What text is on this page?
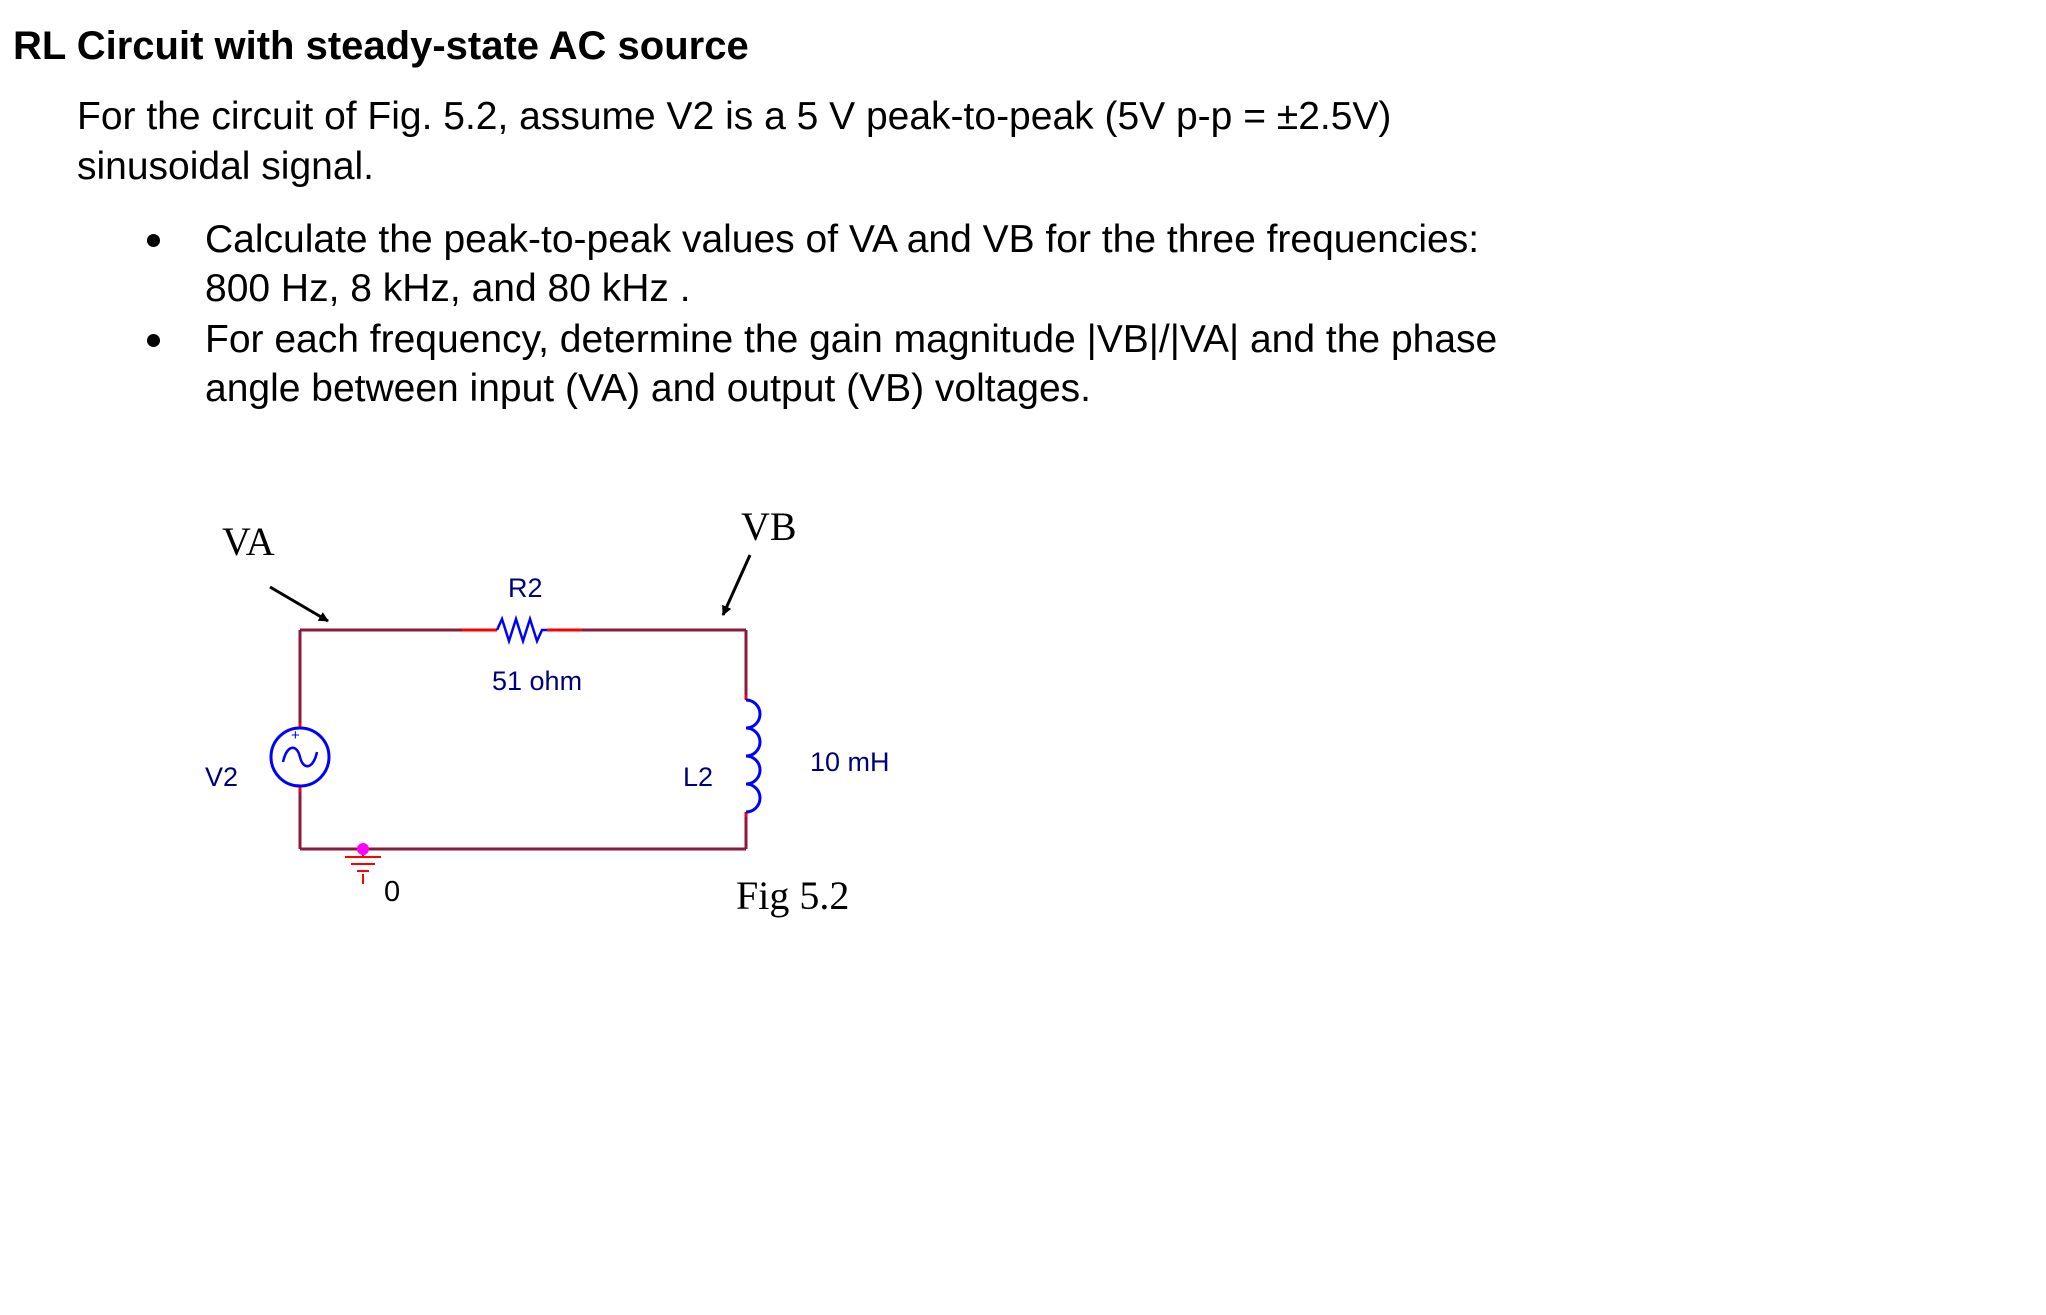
RL Circuit with steady-state AC source
For the circuit of Fig. 5.2, assume V2 is a 5 V peak-to-peak (5V p-p = ±2.5V)
sinusoidal signal.
Calculate the peak-to-peak values of VA and VB for the three frequencies:
800 Hz, 8 kHz, and 80 kHz .
For each frequency, determine the gain magnitude |VB|/|VA| and the phase
angle between input (VA) and output (VB) voltages.
+
-
VA	VB
R2
51 ohm
V2	L2	10 mH
0	Fig 5.2
